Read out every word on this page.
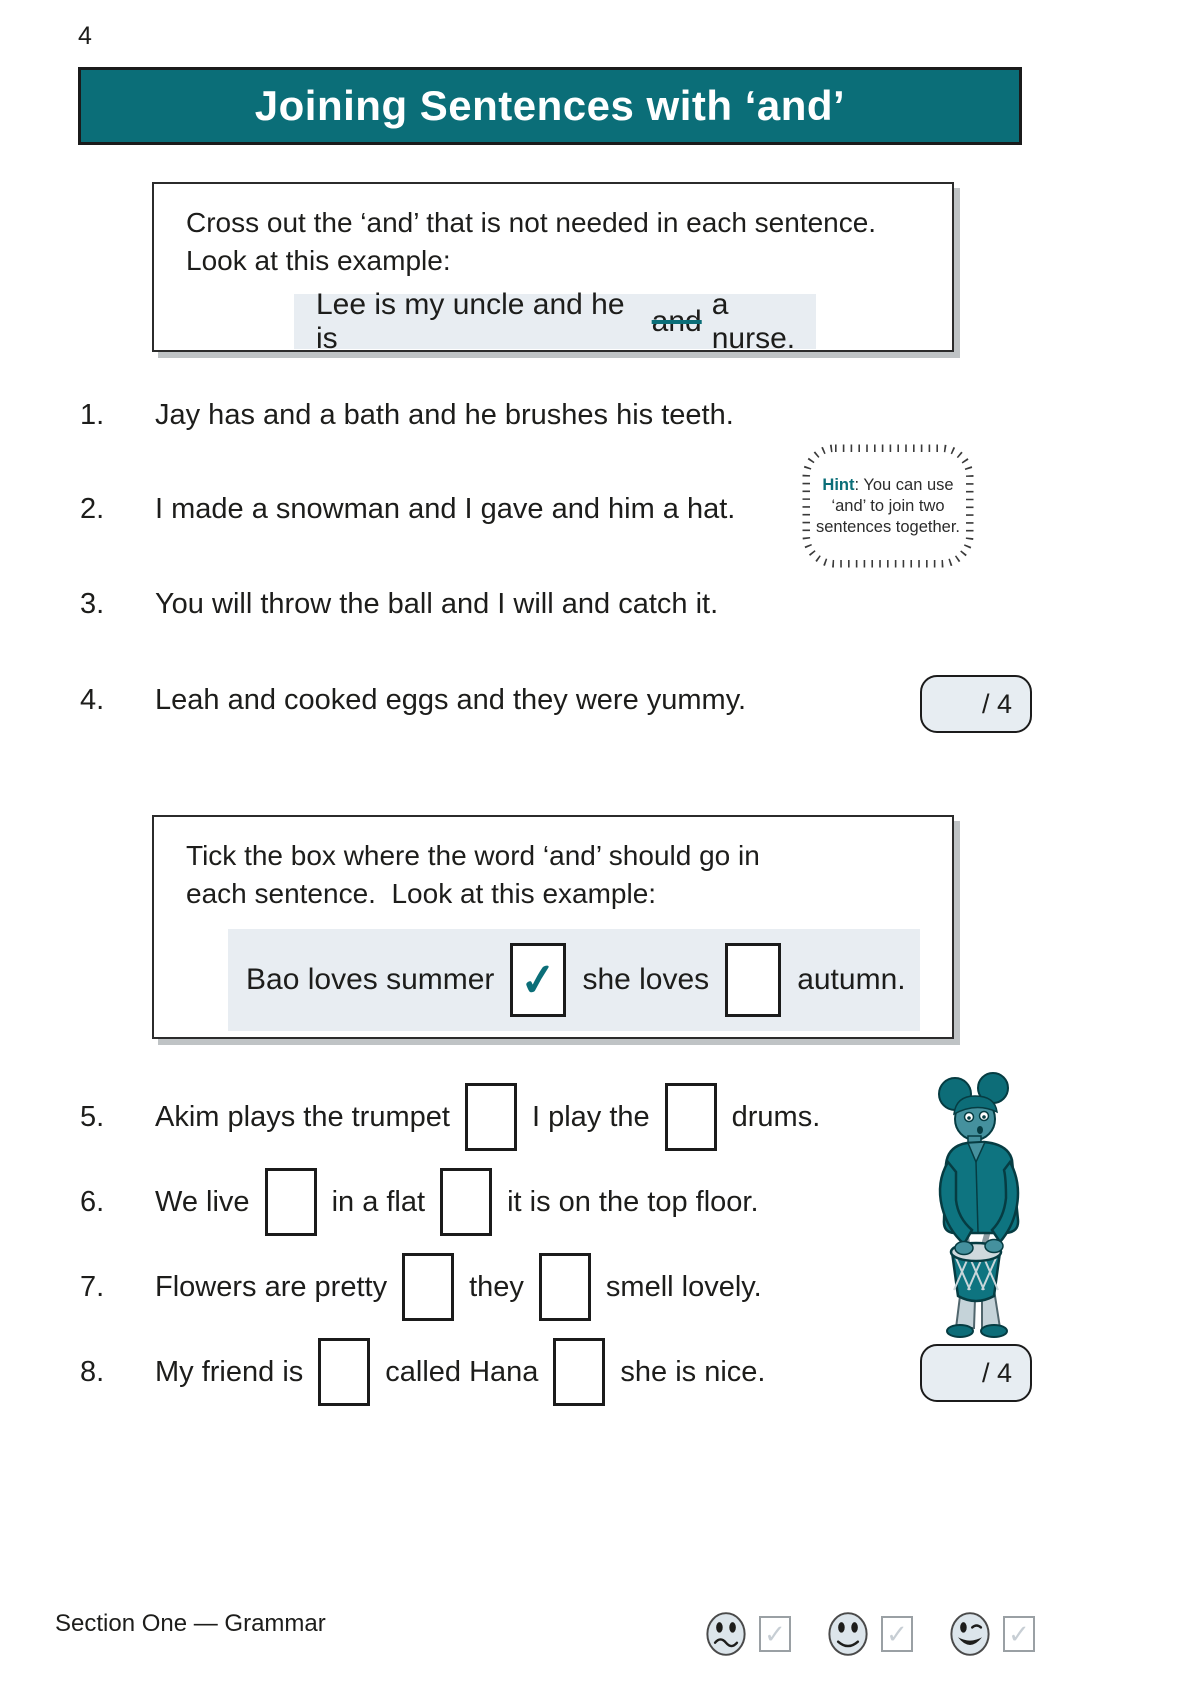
4
Joining Sentences with ‘and’
Cross out the ‘and’ that is not needed in each sentence.
Look at this example:
Lee is my uncle and he is
and
a nurse.
1.	Jay has and a bath and he brushes his teeth.
2.	I made a snowman and I gave and him a hat.
3.	You will throw the ball and I will and catch it.
4.	Leah and cooked eggs and they were yummy.
Hint: You can use ‘and’ to join two sentences together.
/ 4
Tick the box where the word ‘and’ should go in
each sentence.  Look at this example:
Bao loves summer ✓ she loves	autumn.
5.	Akim plays the trumpet	I play the	drums.
6.	We live	in a flat	it is on the top floor.
7.	Flowers are pretty	they	smell lovely.
8.	My friend is	called Hana	she is nice.	/ 4
Section One — Grammar	✓	✓	✓
